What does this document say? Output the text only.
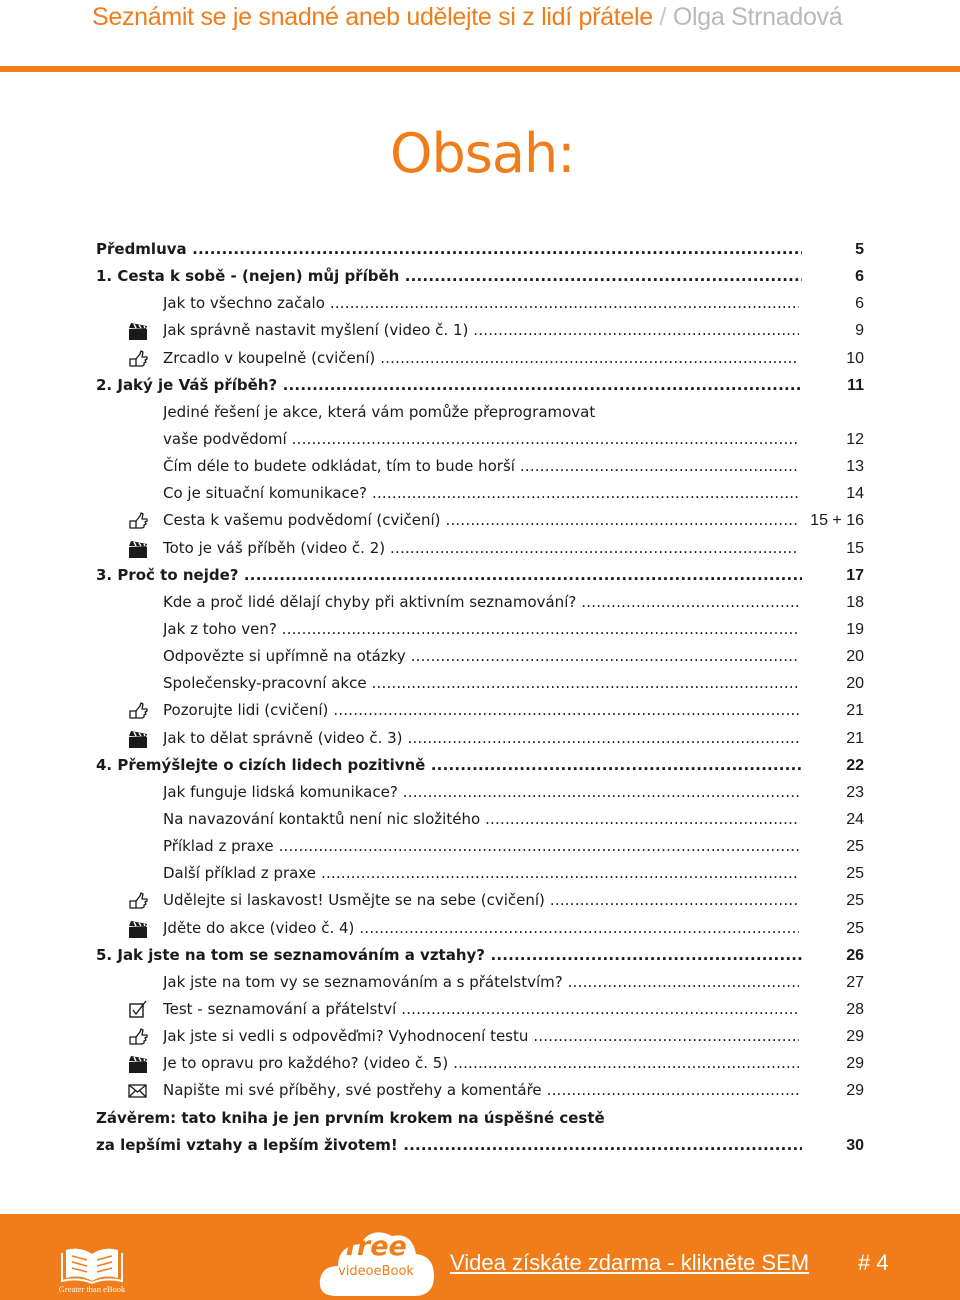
Seznámit se je snadné aneb udělejte si z lidí přátele / Olga Strnadová
Obsah:
Předmluva .....	5
1. Cesta k sobě - (nejen) můj příběh .....	6
Jak to všechno začalo .....	6
Jak správně nastavit myšlení (video č. 1) .....	9
Zrcadlo v koupelně (cvičení) .....	10
2. Jaký je Váš příběh? .....	11
Jediné řešení je akce, která vám pomůže přeprogramovat
vaše podvědomí .....	12
Čím déle to budete odkládat, tím to bude horší .....	13
Co je situační komunikace? .....	14
Cesta k vašemu podvědomí (cvičení) .....	15 + 16
Toto je váš příběh (video č. 2) .....	15
3. Proč to nejde? .....	17
Kde a proč lidé dělají chyby při aktivním seznamování? .....	18
Jak z toho ven? .....	19
Odpovězte si upřímně na otázky .....	20
Společensky-pracovní akce .....	20
Pozorujte lidi (cvičení) .....	21
Jak to dělat správně (video č. 3) .....	21
4. Přemýšlejte o cizích lidech pozitivně .....	22
Jak funguje lidská komunikace? .....	23
Na navazování kontaktů není nic složitého .....	24
Příklad z praxe .....	25
Další příklad z praxe .....	25
Udělejte si laskavost! Usmějte se na sebe (cvičení) .....	25
Jděte do akce (video č. 4) .....	25
5. Jak jste na tom se seznamováním a vztahy? .....	26
Jak jste na tom vy se seznamováním a s přátelstvím? .....	27
Test - seznamování a přátelství .....	28
Jak jste si vedli s odpověďmi? Vyhodnocení testu .....	29
Je to opravu pro každého? (video č. 5) .....	29
Napište mi své příběhy, své postřehy a komentáře .....	29
Závěrem: tato kniha je jen prvním krokem na úspěšné cestě
za lepšími vztahy a lepším životem! .....	30
Greater than eBook
free
videoeBook	Videa získáte zdarma - klikněte SEM # 4
